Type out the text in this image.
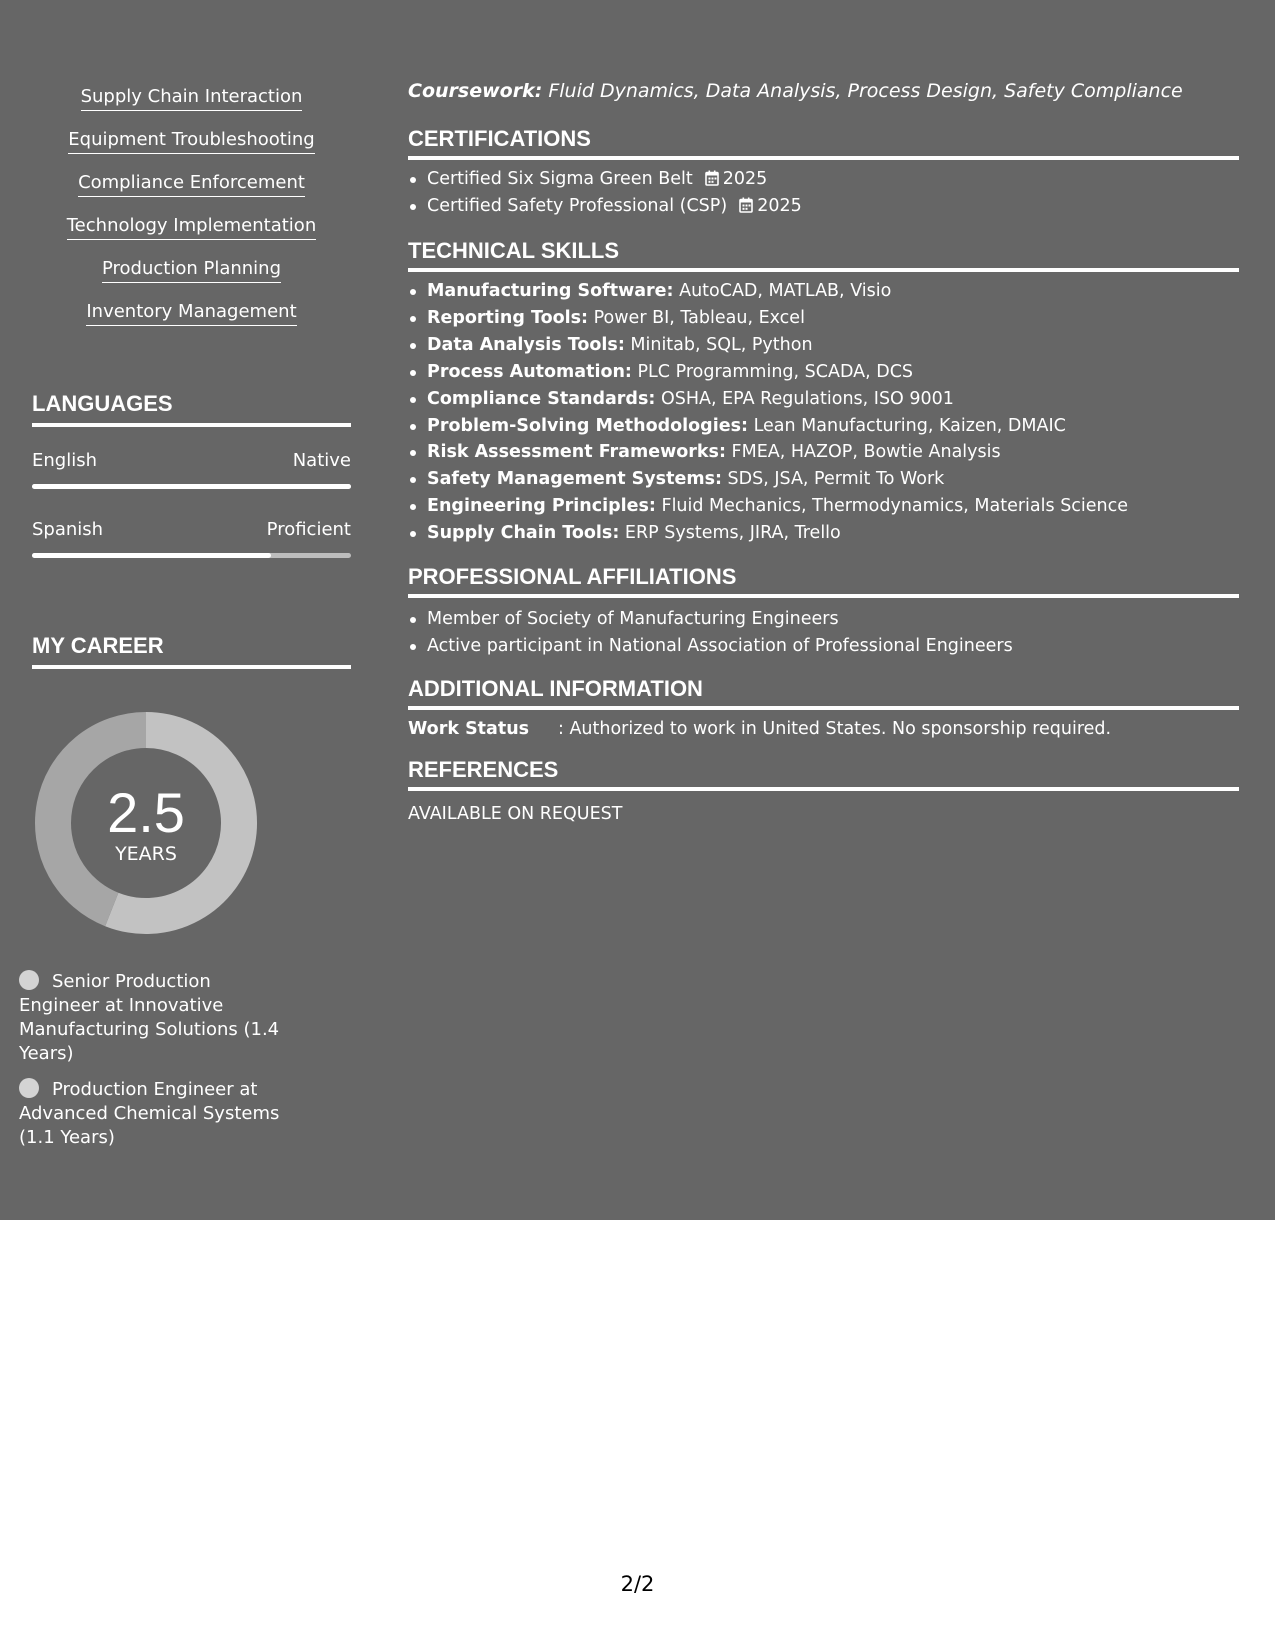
Supply Chain Interaction
Equipment Troubleshooting
Compliance Enforcement
Technology Implementation
Production Planning
Inventory Management
LANGUAGES
English	Native
Spanish	Proficient
MY CAREER
2.5
YEARS
Senior Production Engineer at Innovative Manufacturing Solutions (1.4 Years)
Production Engineer at Advanced Chemical Systems (1.1 Years)
Coursework: Fluid Dynamics, Data Analysis, Process Design, Safety Compliance
CERTIFICATIONS
Certified Six Sigma Green Belt 2025
Certified Safety Professional (CSP) 2025
TECHNICAL SKILLS
Manufacturing Software: AutoCAD, MATLAB, Visio
Reporting Tools: Power BI, Tableau, Excel
Data Analysis Tools: Minitab, SQL, Python
Process Automation: PLC Programming, SCADA, DCS
Compliance Standards: OSHA, EPA Regulations, ISO 9001
Problem-Solving Methodologies: Lean Manufacturing, Kaizen, DMAIC
Risk Assessment Frameworks: FMEA, HAZOP, Bowtie Analysis
Safety Management Systems: SDS, JSA, Permit To Work
Engineering Principles: Fluid Mechanics, Thermodynamics, Materials Science
Supply Chain Tools: ERP Systems, JIRA, Trello
PROFESSIONAL AFFILIATIONS
Member of Society of Manufacturing Engineers
Active participant in National Association of Professional Engineers
ADDITIONAL INFORMATION
Work Status : Authorized to work in United States. No sponsorship required.
REFERENCES
AVAILABLE ON REQUEST
2/2
